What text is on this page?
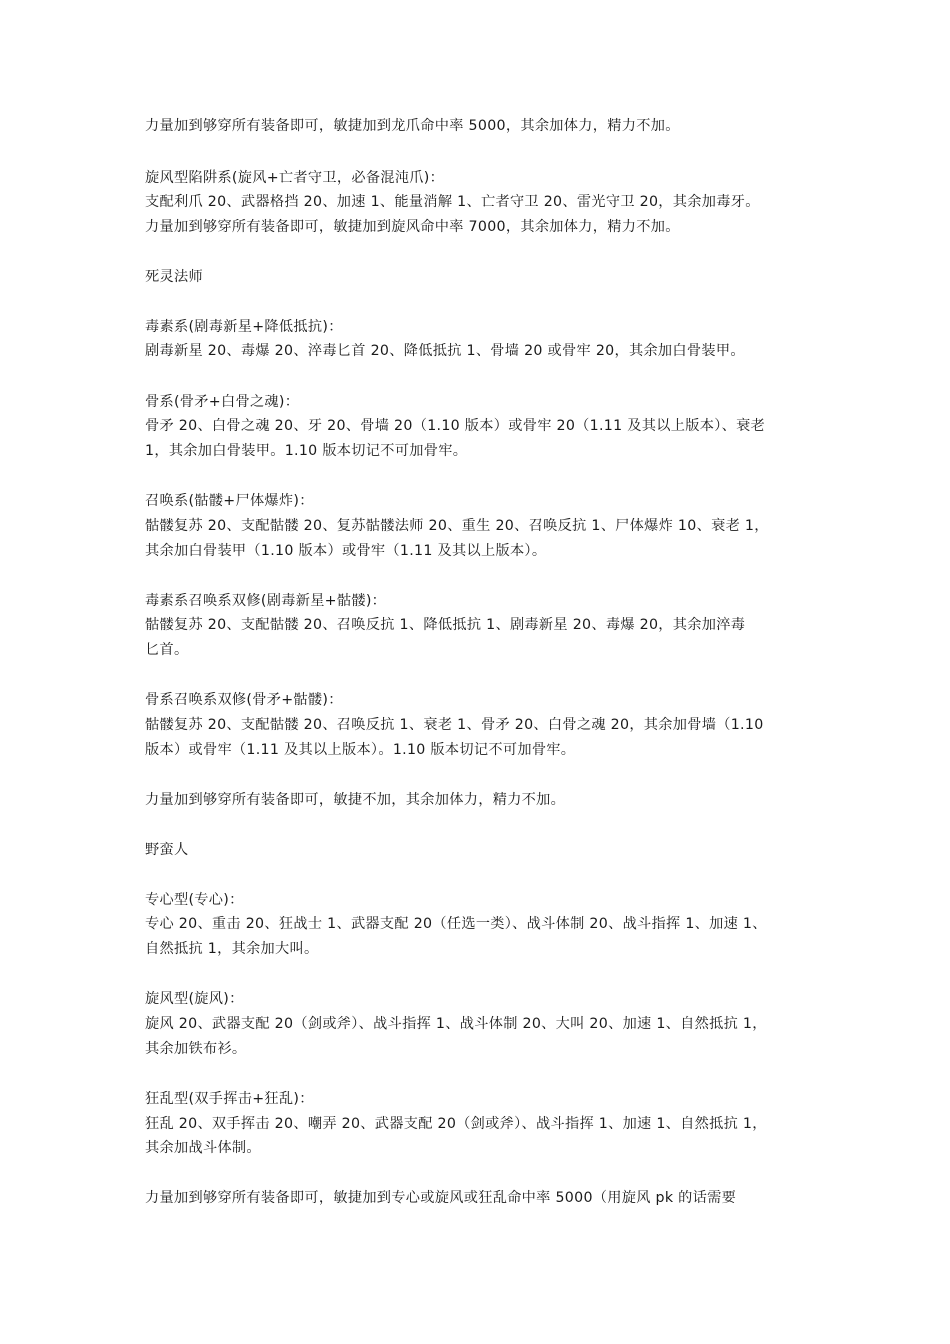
力量加到够穿所有装备即可，敏捷加到龙爪命中率 5000，其余加体力，精力不加。
旋风型陷阱系(旋风+亡者守卫，必备混沌爪)：
支配利爪 20、武器格挡 20、加速 1、能量消解 1、亡者守卫 20、雷光守卫 20，其余加毒牙。
力量加到够穿所有装备即可，敏捷加到旋风命中率 7000，其余加体力，精力不加。
死灵法师
毒素系(剧毒新星+降低抵抗)：
剧毒新星 20、毒爆 20、淬毒匕首 20、降低抵抗 1、骨墙 20 或骨牢 20，其余加白骨装甲。
骨系(骨矛+白骨之魂)：
骨矛 20、白骨之魂 20、牙 20、骨墙 20（1.10 版本）或骨牢 20（1.11 及其以上版本）、衰老
1，其余加白骨装甲。1.10 版本切记不可加骨牢。
召唤系(骷髅+尸体爆炸)：
骷髅复苏 20、支配骷髅 20、复苏骷髅法师 20、重生 20、召唤反抗 1、尸体爆炸 10、衰老 1，
其余加白骨装甲（1.10 版本）或骨牢（1.11 及其以上版本）。
毒素系召唤系双修(剧毒新星+骷髅)：
骷髅复苏 20、支配骷髅 20、召唤反抗 1、降低抵抗 1、剧毒新星 20、毒爆 20，其余加淬毒
匕首。
骨系召唤系双修(骨矛+骷髅)：
骷髅复苏 20、支配骷髅 20、召唤反抗 1、衰老 1、骨矛 20、白骨之魂 20，其余加骨墙（1.10
版本）或骨牢（1.11 及其以上版本）。1.10 版本切记不可加骨牢。
力量加到够穿所有装备即可，敏捷不加，其余加体力，精力不加。
野蛮人
专心型(专心)：
专心 20、重击 20、狂战士 1、武器支配 20（任选一类）、战斗体制 20、战斗指挥 1、加速 1、
自然抵抗 1，其余加大叫。
旋风型(旋风)：
旋风 20、武器支配 20（剑或斧）、战斗指挥 1、战斗体制 20、大叫 20、加速 1、自然抵抗 1，
其余加铁布衫。
狂乱型(双手挥击+狂乱)：
狂乱 20、双手挥击 20、嘲弄 20、武器支配 20（剑或斧）、战斗指挥 1、加速 1、自然抵抗 1，
其余加战斗体制。
力量加到够穿所有装备即可，敏捷加到专心或旋风或狂乱命中率 5000（用旋风 pk 的话需要
